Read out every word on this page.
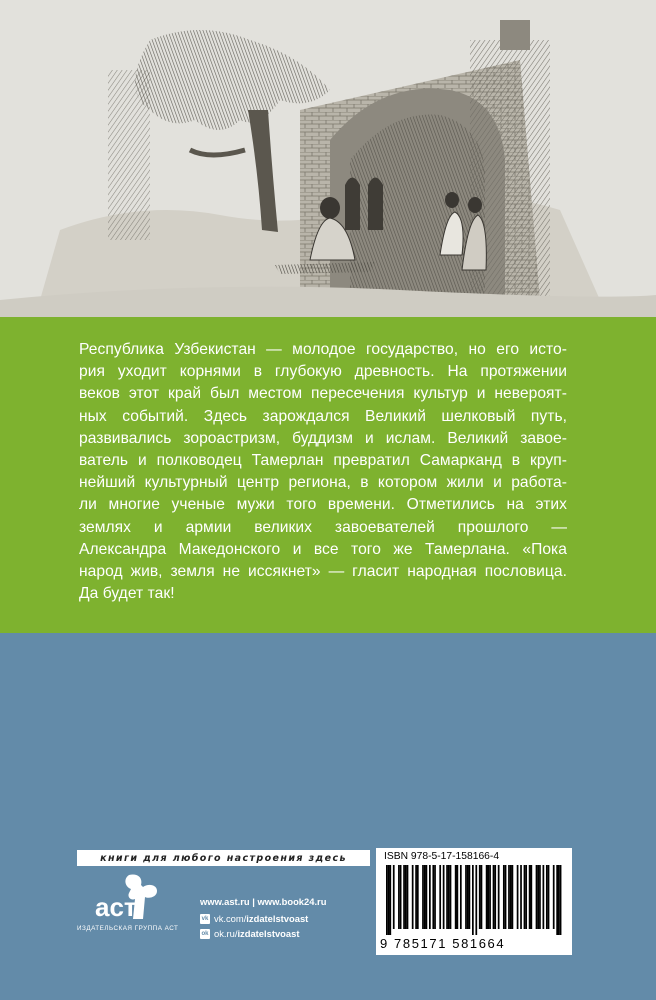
Республика Узбекистан — молодое государство, но его исто-
рия уходит корнями в глубокую древность. На протяжении
веков этот край был местом пересечения культур и невероят-
ных событий. Здесь зарождался Великий шелковый путь,
развивались зороастризм, буддизм и ислам. Великий завое-
ватель и полководец Тамерлан превратил Самарканд в круп-
нейший культурный центр региона, в котором жили и работа-
ли многие ученые мужи того времени. Отметились на этих
землях и армии великих завоевателей прошлого —
Александра Македонского и все того же Тамерлана. «Пока
народ жив, земля не иссякнет» — гласит народная пословица.
Да будет так!
книги для любого настроения здесь
аст
ИЗДАТЕЛЬСКАЯ ГРУППА АСТ
www.ast.ru | www.book24.ru
vk vk.com/ izdatelstvoast
ok ok.ru/ izdatelstvoast
ISBN 978-5-17-158166-4
9 785171 581664
